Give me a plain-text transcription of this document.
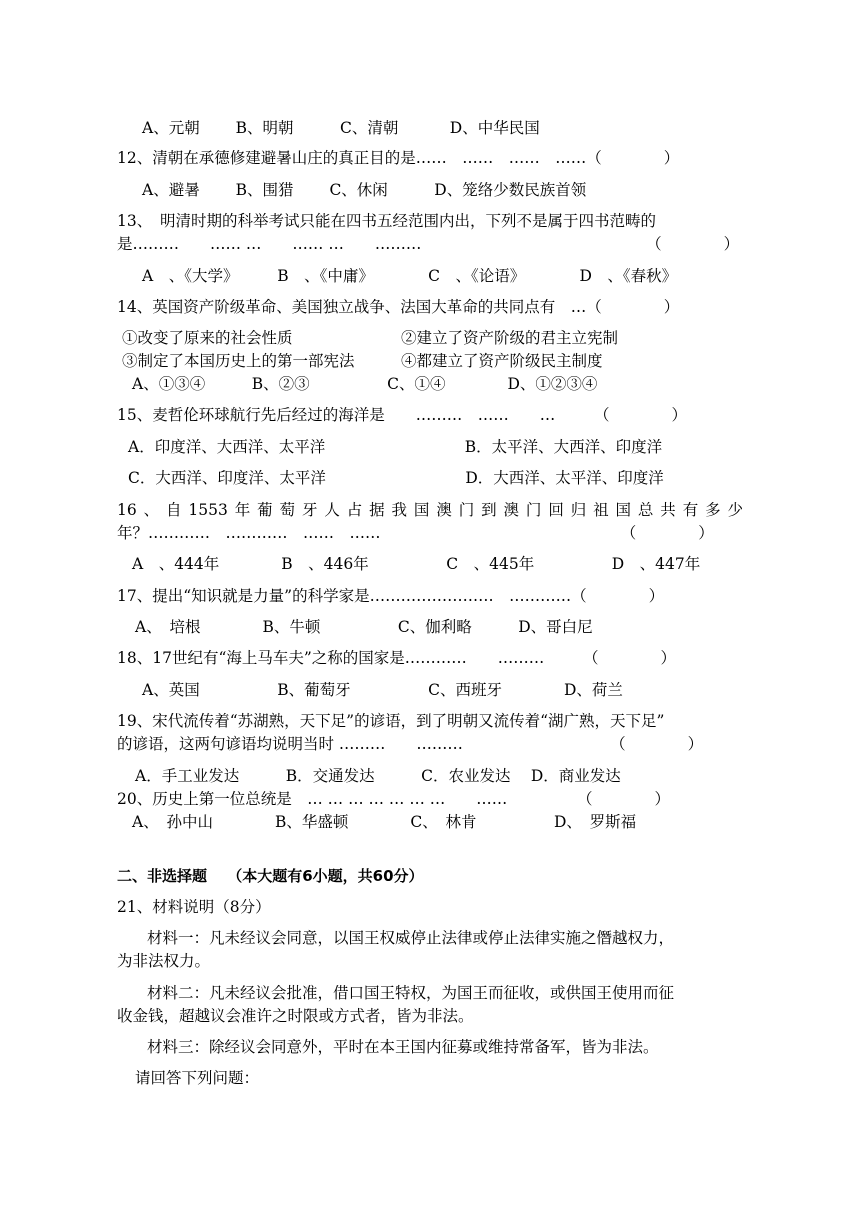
A、元朝　　 B、明朝　　　C、清朝　　　 D、中华民国
12、清朝在承德修建避暑山庄的真正目的是……　……　……　……（　　　　）
A、避暑　　 B、围猎　　 C、休闲　　　D、笼络少数民族首领
13、　明清时期的科举考试只能在四书五经范围内出，下列不是属于四书范畴的
是………　　…… …　　…… …　　………　　　　　　　　　　　　　　　（　　　　）
A　、《大学》　　　B　、《中庸》　　　　C　、《论语》　　　　D　、《春秋》
14、英国资产阶级革命、美国独立战争、法国大革命的共同点有　…（　　　　）
①改变了原来的社会性质　　　　　　　②建立了资产阶级的君主立宪制
③制定了本国历史上的第一部宪法　　　④都建立了资产阶级民主制度
A、①③④　　　B、②③　　　　　C、①④　　　　D、①②③④
15、麦哲伦环球航行先后经过的海洋是　　………　……　　…　　　（　　　　）
A．印度洋、大西洋、太平洋　　　　　　　　　B．太平洋、大西洋、印度洋
C．大西洋、印度洋、太平洋　　　　　　　　　D．大西洋、太平洋、印度洋
16、自1553年葡萄牙人占据我国澳门到澳门回归祖国总共有多少
年？…………　…………　……　……　　　　　　　　　　　　　　　　（　　　　）
A　、444年　　　　B　、446年　　　　　C　、445年　　　　　D　、447年
17、提出“知识就是力量”的科学家是……………………　…………（　　　　）
A、　培根　　　　B、牛顿　　　　　C、伽利略　　　D、哥白尼
18、17世纪有“海上马车夫”之称的国家是…………　　………　　　（　　　　）
A、英国　　　　　B、葡萄牙　　　　　C、西班牙　　　　D、荷兰
19、宋代流传着“苏湖熟，天下足”的谚语，到了明朝又流传着“湖广熟，天下足”
的谚语，这两句谚语均说明当时 ………　　………　　　　　　　　　　（　　　　）
A．手工业发达　　　B．交通发达　　　C．农业发达　 D．商业发达
20、历史上第一位总统是　… … … … … … …　　……　　　　　（　　　　）
A、　孙中山　　　　B、华盛顿　　　　C、　林肯　　　　　D、　罗斯福
二、非选择题　 （本大题有6小题，共60分）
21、材料说明（8分）
材料一：凡未经议会同意，以国王权威停止法律或停止法律实施之僭越权力，
为非法权力。
材料二：凡未经议会批准，借口国王特权，为国王而征收，或供国王使用而征
收金钱，超越议会准许之时限或方式者，皆为非法。
材料三：除经议会同意外，平时在本王国内征募或维持常备军，皆为非法。
请回答下列问题：
